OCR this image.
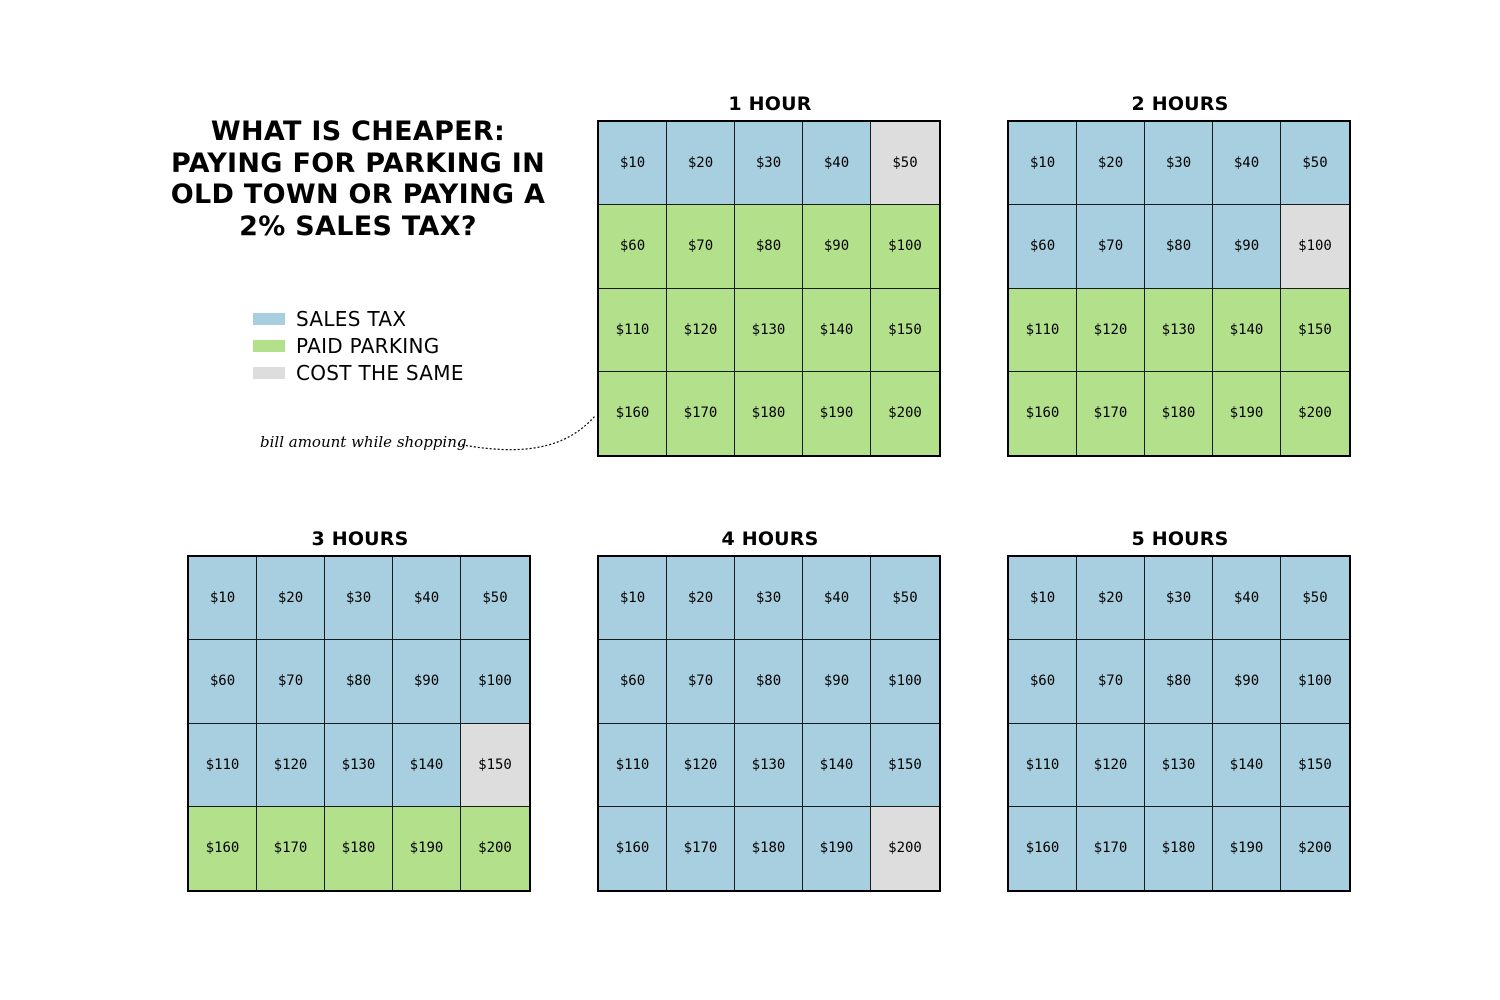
WHAT IS CHEAPER: PAYING FOR PARKING IN OLD TOWN OR PAYING A 2% SALES TAX?
SALES TAX
PAID PARKING
COST THE SAME
bill amount while shopping
1 HOUR
$10	$20	$30	$40	$50
$60	$70	$80	$90	$100
$110	$120	$130	$140	$150
$160	$170	$180	$190	$200
2 HOURS
$10	$20	$30	$40	$50
$60	$70	$80	$90	$100
$110	$120	$130	$140	$150
$160	$170	$180	$190	$200
3 HOURS
$10	$20	$30	$40	$50
$60	$70	$80	$90	$100
$110	$120	$130	$140	$150
$160	$170	$180	$190	$200
4 HOURS
$10	$20	$30	$40	$50
$60	$70	$80	$90	$100
$110	$120	$130	$140	$150
$160	$170	$180	$190	$200
5 HOURS
$10	$20	$30	$40	$50
$60	$70	$80	$90	$100
$110	$120	$130	$140	$150
$160	$170	$180	$190	$200
